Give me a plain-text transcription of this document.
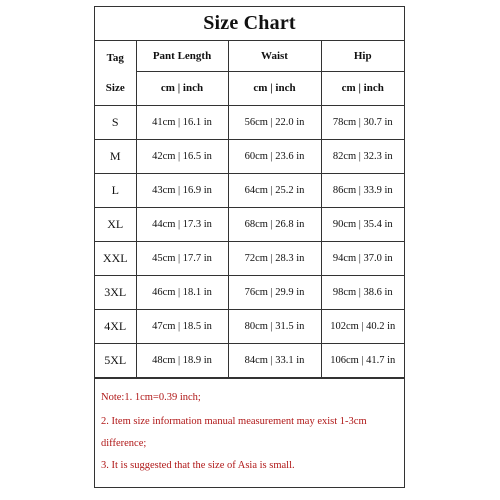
Size Chart
Tag
Size	Pant Length	Waist	Hip
	cm | inch	cm | inch	cm | inch
S	41cm | 16.1 in	56cm | 22.0 in	78cm | 30.7 in
M	42cm | 16.5 in	60cm | 23.6 in	82cm | 32.3 in
L	43cm | 16.9 in	64cm | 25.2 in	86cm | 33.9 in
XL	44cm | 17.3 in	68cm | 26.8 in	90cm | 35.4 in
XXL	45cm | 17.7 in	72cm | 28.3 in	94cm | 37.0 in
3XL	46cm | 18.1 in	76cm | 29.9 in	98cm | 38.6 in
4XL	47cm | 18.5 in	80cm | 31.5 in	102cm | 40.2 in
5XL	48cm | 18.9 in	84cm | 33.1 in	106cm | 41.7 in
Note:1. 1cm=0.39 inch;
2. Item size information manual measurement may exist 1-3cm
difference;
3. It is suggested that the size of Asia is small.
